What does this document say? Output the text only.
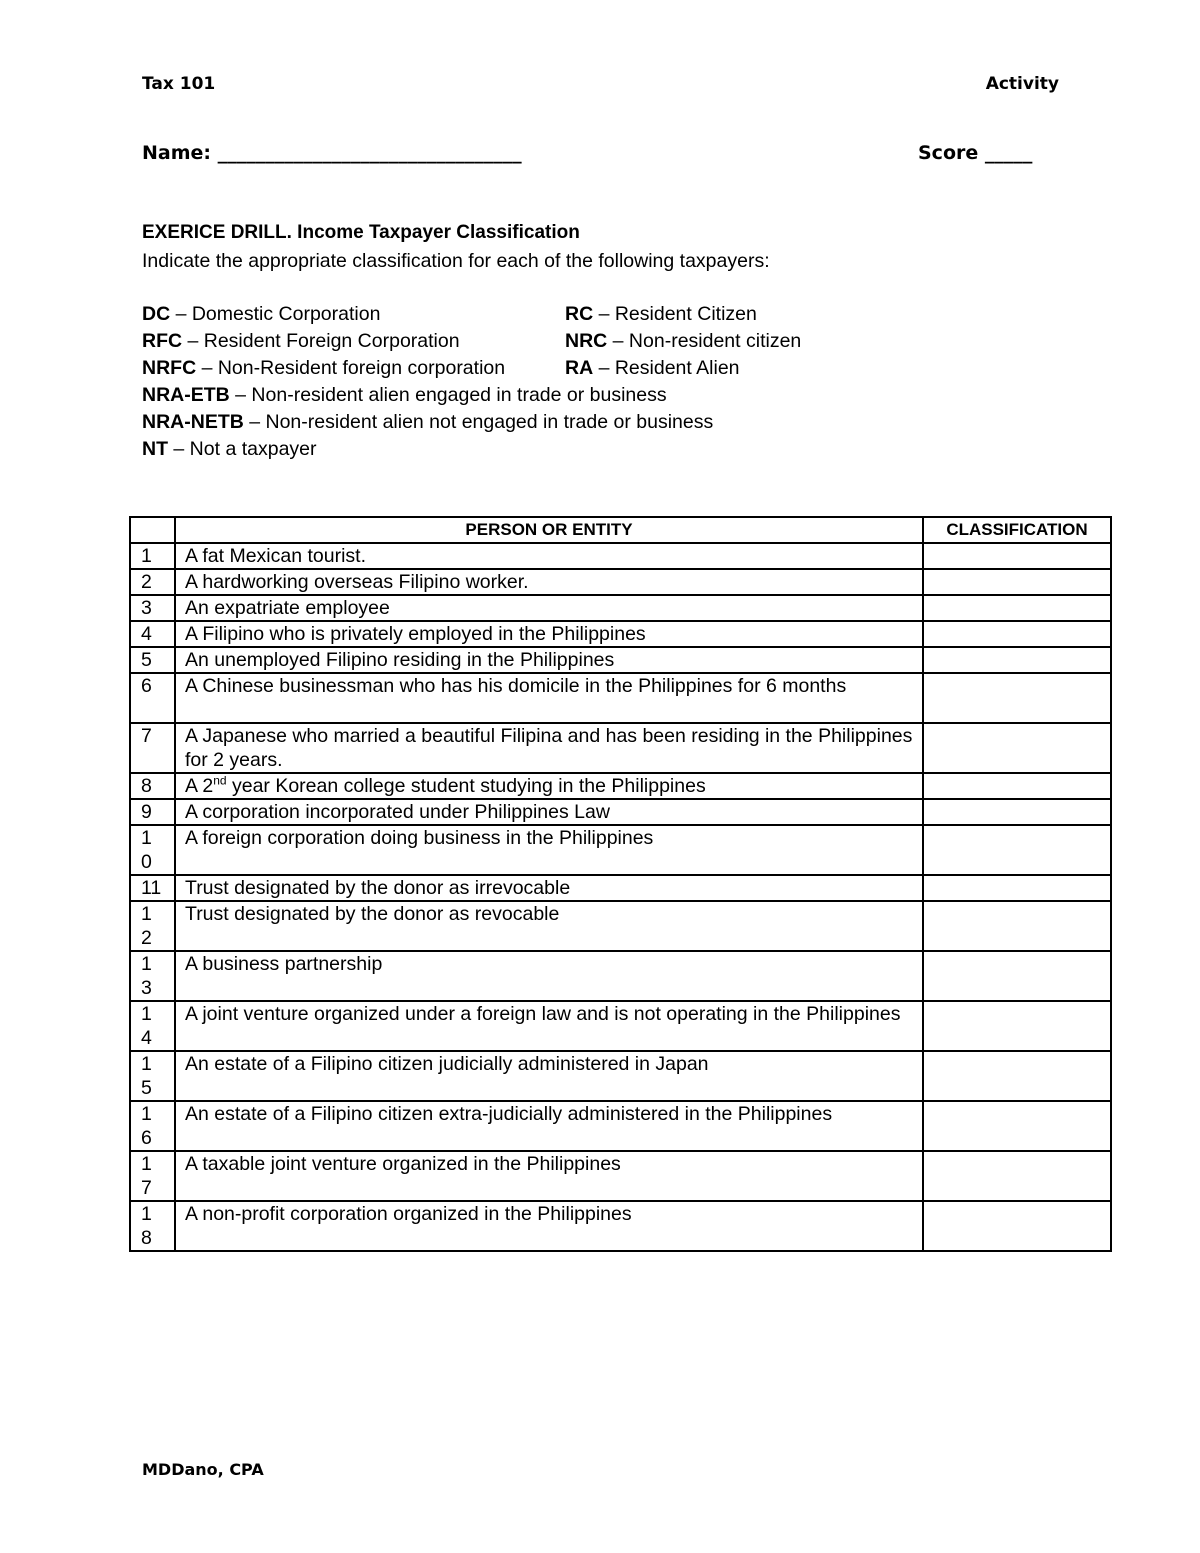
Tax 101	Activity
Name: ________________________________	Score _____
EXERICE DRILL. Income Taxpayer Classification
Indicate the appropriate classification for each of the following taxpayers:
DC – Domestic Corporation
RFC – Resident Foreign Corporation
NRFC – Non-Resident foreign corporation
NRA-ETB – Non-resident alien engaged in trade or business
NRA-NETB – Non-resident alien not engaged in trade or business
NT – Not a taxpayer
RC – Resident Citizen
NRC – Non-resident citizen
RA – Resident Alien
	PERSON OR ENTITY	CLASSIFICATION

1	A fat Mexican tourist.	

2	A hardworking overseas Filipino worker.	

3	An expatriate employee	

4	A Filipino who is privately employed in the Philippines	

5	An unemployed Filipino residing in the Philippines	

6	A Chinese businessman who has his domicile in the Philippines for 6 months	

7	A Japanese who married a beautiful Filipina and has been residing in the Philippines for 2 years.	

8	A 2nd year Korean college student studying in the Philippines	

9	A corporation incorporated under Philippines Law	

10	A foreign corporation doing business in the Philippines	

11	Trust designated by the donor as irrevocable	

12	Trust designated by the donor as revocable	

13	A business partnership	

14	A joint venture organized under a foreign law and is not operating in the Philippines	

15	An estate of a Filipino citizen judicially administered in Japan	

16	An estate of a Filipino citizen extra-judicially administered in the Philippines	

17	A taxable joint venture organized in the Philippines	

18	A non-profit corporation organized in the Philippines	
MDDano, CPA
